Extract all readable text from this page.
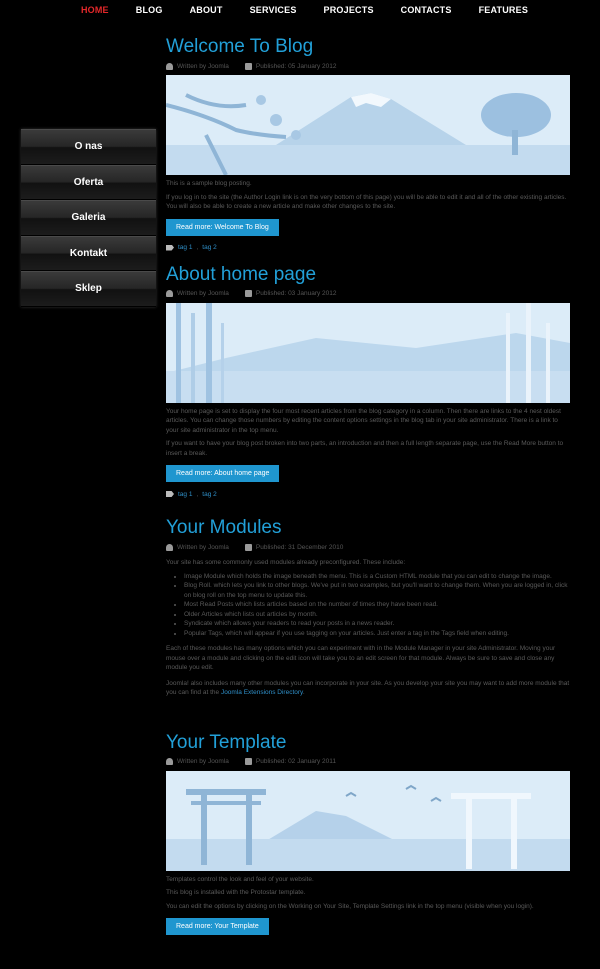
HOME	BLOG	ABOUT	SERVICES	PROJECTS	CONTACTS	FEATURES
O nas
Oferta
Galeria
Kontakt
Sklep
Welcome To Blog
Written by Joomla	Published: 05 January 2012

This is a sample blog posting.

If you log in to the site (the Author Login link is on the very bottom of this page) you will be able to edit it and all of the other existing articles. You will also be able to create a new article and make other changes to the site.

Read more: Welcome To Blog
tag 1 , tag 2
About home page
Written by Joomla	Published: 03 January 2012

Your home page is set to display the four most recent articles from the blog category in a column. Then there are links to the 4 nest oldest articles. You can change those numbers by editing the content options settings in the blog tab in your site administrator. There is a link to your site administrator in the top menu.

If you want to have your blog post broken into two parts, an introduction and then a full length separate page, use the Read More button to insert a break.

Read more: About home page
tag 1 , tag 2
Your Modules
Written by Joomla	Published: 31 December 2010

Your site has some commonly used modules already preconfigured. These include:

• Image Module which holds the image beneath the menu. This is a Custom HTML module that you can edit to change the image.
• Blog Roll. which lets you link to other blogs. We've put in two examples, but you'll want to change them. When you are logged in, click on blog roll on the top menu to update this.
• Most Read Posts which lists articles based on the number of times they have been read.
• Older Articles which lists out articles by month.
• Syndicate which allows your readers to read your posts in a news reader.
• Popular Tags, which will appear if you use tagging on your articles. Just enter a tag in the Tags field when editing.

Each of these modules has many options which you can experiment with in the Module Manager in your site Administrator. Moving your mouse over a module and clicking on the edit icon will take you to an edit screen for that module. Always be sure to save and close any module you edit.

Joomla! also includes many other modules you can incorporate in your site. As you develop your site you may want to add more module that you can find at the Joomla Extensions Directory.

Your Template
Written by Joomla	Published: 02 January 2011

Templates control the look and feel of your website.

This blog is installed with the Protostar template.

You can edit the options by clicking on the Working on Your Site, Template Settings link in the top menu (visible when you login).

Read more: Your Template
